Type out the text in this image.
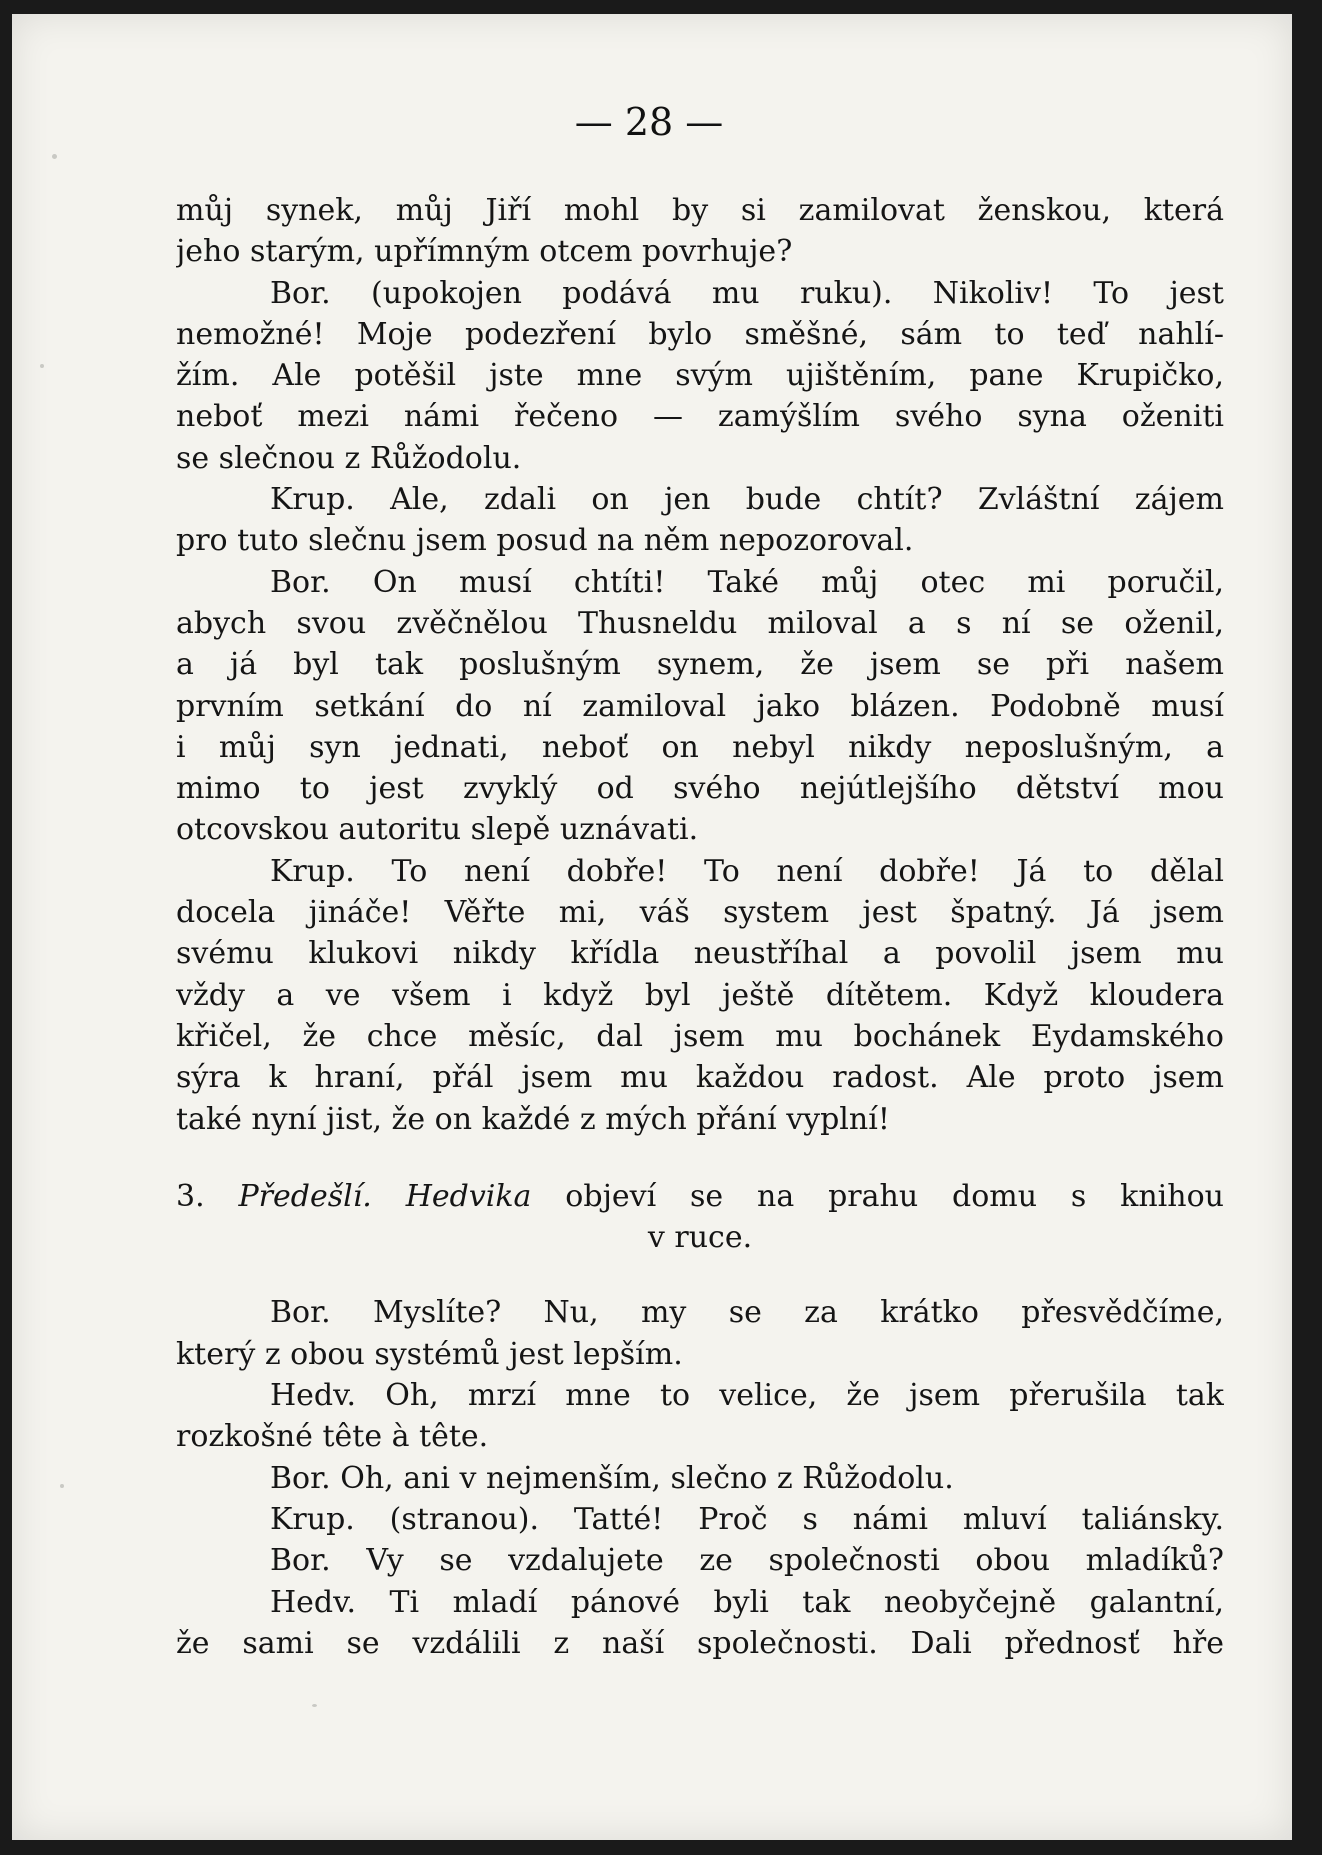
— 28 —
můj synek, můj Jiří mohl by si zamilovat ženskou, která
jeho starým, upřímným otcem povrhuje?
Bor. (upokojen podává mu ruku). Nikoliv! To jest
nemožné! Moje podezření bylo směšné, sám to teď nahlí-
žím. Ale potěšil jste mne svým ujištěním, pane Krupičko,
neboť mezi námi řečeno — zamýšlím svého syna oženiti
se slečnou z Růžodolu.
Krup. Ale, zdali on jen bude chtít? Zvláštní zájem
pro tuto slečnu jsem posud na něm nepozoroval.
Bor. On musí chtíti! Také můj otec mi poručil,
abych svou zvěčnělou Thusneldu miloval a s ní se oženil,
a já byl tak poslušným synem, že jsem se při našem
prvním setkání do ní zamiloval jako blázen. Podobně musí
i můj syn jednati, neboť on nebyl nikdy neposlušným, a
mimo to jest zvyklý od svého nejútlejšího dětství mou
otcovskou autoritu slepě uznávati.
Krup. To není dobře! To není dobře! Já to dělal
docela jináče! Věřte mi, váš system jest špatný. Já jsem
svému klukovi nikdy křídla neustříhal a povolil jsem mu
vždy a ve všem i když byl ještě dítětem. Když kloudera
křičel, že chce měsíc, dal jsem mu bochánek Eydamského
sýra k hraní, přál jsem mu každou radost. Ale proto jsem
také nyní jist, že on každé z mých přání vyplní!
3. Předešlí. Hedvika objeví se na prahu domu s knihou
v ruce.
Bor. Myslíte? Nu, my se za krátko přesvědčíme,
který z obou systémů jest lepším.
Hedv. Oh, mrzí mne to velice, že jsem přerušila tak
rozkošné tête à tête.
Bor. Oh, ani v nejmenším, slečno z Růžodolu.
Krup. (stranou). Tatté! Proč s námi mluví taliánsky.
Bor. Vy se vzdalujete ze společnosti obou mladíků?
Hedv. Ti mladí pánové byli tak neobyčejně galantní,
že sami se vzdálili z naší společnosti. Dali přednosť hře
